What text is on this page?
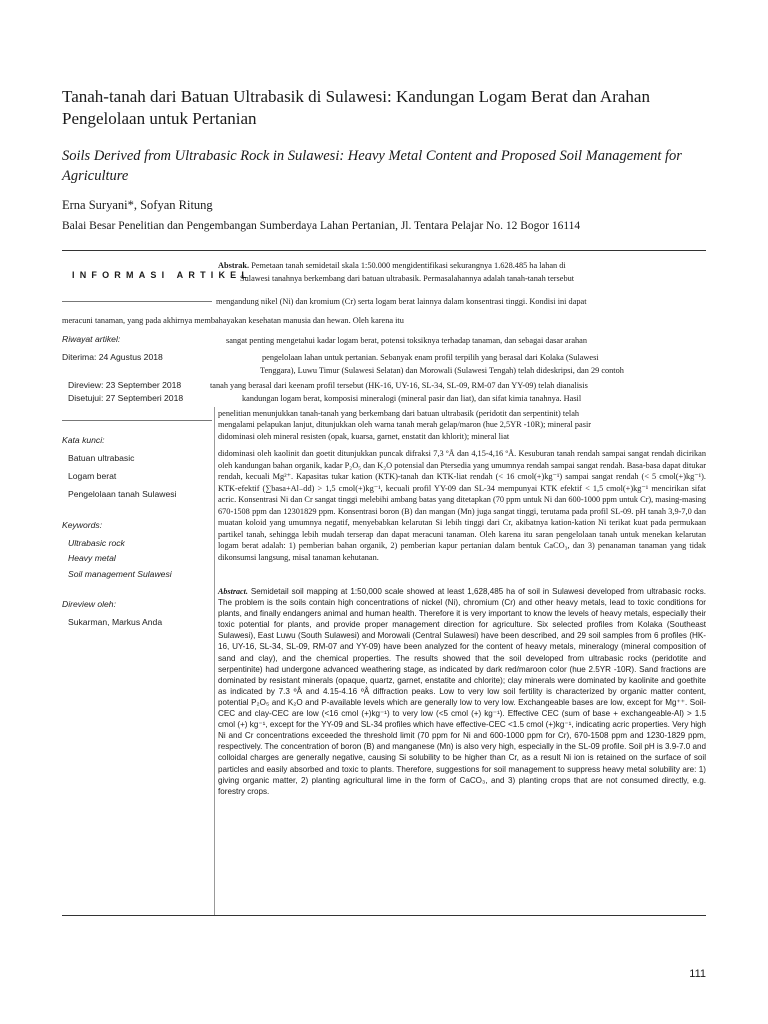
Tanah-tanah dari Batuan Ultrabasik di Sulawesi: Kandungan Logam Berat dan Arahan Pengelolaan untuk Pertanian
Soils Derived from Ultrabasic Rock in Sulawesi: Heavy Metal Content and Proposed Soil Management for Agriculture
Erna Suryani*, Sofyan Ritung
Balai Besar Penelitian dan Pengembangan Sumberdaya Lahan Pertanian, Jl. Tentara Pelajar No. 12 Bogor 16114
INFORMASI ARTIKEL
Riwayat artikel:
Diterima: 24 Agustus 2018
Direview: 23 September 2018
Disetujui: 27 Septemberi 2018
Kata kunci:
Batuan ultrabasic
Logam berat
Pengelolaan tanah Sulawesi
Keywords:
Ultrabasic rock
Heavy metal
Soil management Sulawesi
Direview oleh:
Sukarman, Markus Anda
Abstrak. Pemetaan tanah semidetail skala 1:50.000 mengidentifikasi sekurangnya 1.628.485 ha lahan di
Sulawesi tanahnya berkembang dari batuan ultrabasik. Permasalahannya adalah tanah-tanah tersebut
mengandung nikel (Ni) dan kromium (Cr) serta logam berat lainnya dalam konsentrasi tinggi. Kondisi ini dapat
meracuni tanaman, yang pada akhirnya membahayakan kesehatan manusia dan hewan. Oleh karena itu
sangat penting mengetahui kadar logam berat, potensi toksiknya terhadap tanaman, dan sebagai dasar arahan
pengelolaan lahan untuk pertanian. Sebanyak enam profil terpilih yang berasal dari Kolaka (Sulawesi
Tenggara), Luwu Timur (Sulawesi Selatan) dan Morowali (Sulawesi Tengah) telah dideskripsi, dan 29 contoh
tanah yang berasal dari keenam profil tersebut (HK-16, UY-16, SL-34, SL-09, RM-07 dan YY-09) telah dianalisis
kandungan logam berat, komposisi mineralogi (mineral pasir dan liat), dan sifat kimia tanahnya. Hasil
penelitian menunjukkan tanah-tanah yang berkembang dari batuan ultrabasik (peridotit dan serpentinit) telah
mengalami pelapukan lanjut, ditunjukkan oleh warna tanah merah gelap/maron (hue 2,5YR -10R); mineral pasir
didominasi oleh mineral resisten (opak, kuarsa, garnet, enstatit dan khlorit); mineral liat
didominasi oleh kaolinit dan goetit ditunjukkan puncak difraksi 7,3 ºÅ dan 4,15-4,16 ºÅ. Kesuburan tanah rendah sampai sangat rendah dicirikan oleh kandungan bahan organik, kadar P₂O₅ dan K₂O potensial dan Ptersedia yang umumnya rendah sampai sangat rendah. Basa-basa dapat ditukar rendah, kecuali Mg²⁺. Kapasitas tukar kation (KTK)-tanah dan KTK-liat rendah (< 16 cmol(+)kg⁻¹) sampai sangat rendah (< 5 cmol(+)kg⁻¹). KTK-efektif (∑basa+Al₋dd) > 1,5 cmol(+)kg⁻¹, kecuali profil YY-09 dan SL-34 mempunyai KTK efektif < 1,5 cmol(+)kg⁻¹ mencirikan sifat acric. Konsentrasi Ni dan Cr sangat tinggi melebihi ambang batas yang ditetapkan (70 ppm untuk Ni dan 600-1000 ppm untuk Cr), masing-masing 670-1508 ppm dan 12301829 ppm. Konsentrasi boron (B) dan mangan (Mn) juga sangat tinggi, terutama pada profil SL-09. pH tanah 3,9-7,0 dan muatan koloid yang umumnya negatif, menyebabkan kelarutan Si lebih tinggi dari Cr, akibatnya kation-kation Ni terikat kuat pada permukaan partikel tanah, sehingga lebih mudah terserap dan dapat meracuni tanaman. Oleh karena itu saran pengelolaan tanah untuk menekan kelarutan logam berat adalah: 1) pemberian bahan organik, 2) pemberian kapur pertanian dalam bentuk CaCO₃, dan 3) penanaman tanaman yang tidak dikonsumsi langsung, misal tanaman kehutanan.
Abstract. Semidetail soil mapping at 1:50,000 scale showed at least 1,628,485 ha of soil in Sulawesi developed from ultrabasic rocks. The problem is the soils contain high concentrations of nickel (Ni), chromium (Cr) and other heavy metals, lead to toxic conditions for plants, and finally endangers animal and human health. Therefore it is very important to know the levels of heavy metals, especially their toxic potential for plants, and provide proper management direction for agriculture. Six selected profiles from Kolaka (Southeast Sulawesi), East Luwu (South Sulawesi) and Morowali (Central Sulawesi) have been described, and 29 soil samples from 6 profiles (HK-16, UY-16, SL-34, SL-09, RM-07 and YY-09) have been analyzed for the content of heavy metals, mineralogy (mineral composition of sand and clay), and the chemical properties. The results showed that the soil developed from ultrabasic rocks (peridotite and serpentinite) had undergone advanced weathering stage, as indicated by dark red/maroon color (hue 2.5YR -10R). Sand fractions are dominated by resistant minerals (opaque, quartz, garnet, enstatite and chlorite); clay minerals were dominated by kaolinite and goethite as indicated by 7.3 ºÅ and 4.15-4.16 ºÅ diffraction peaks. Low to very low soil fertility is characterized by organic matter content, potential P₂O₅ and K₂O and P-available levels which are generally low to very low. Exchangeable bases are low, except for Mg⁺⁺. Soil-CEC and clay-CEC are low (<16 cmol (+)kg⁻¹) to very low (<5 cmol (+) kg⁻¹). Effective CEC (sum of base + exchangeable-Al) > 1.5 cmol (+) kg⁻¹, except for the YY-09 and SL-34 profiles which have effective-CEC <1.5 cmol (+)kg⁻¹, indicating acric properties. Very high Ni and Cr concentrations exceeded the threshold limit (70 ppm for Ni and 600-1000 ppm for Cr), 670-1508 ppm and 1230-1829 ppm, respectively. The concentration of boron (B) and manganese (Mn) is also very high, especially in the SL-09 profile. Soil pH is 3.9-7.0 and colloidal charges are generally negative, causing Si solubility to be higher than Cr, as a result Ni ion is retained on the surface of soil particles and easily absorbed and toxic to plants. Therefore, suggestions for soil management to suppress heavy metal solubility are: 1) giving organic matter, 2) planting agricultural lime in the form of CaCO₃, and 3) planting crops that are not consumed directly, e.g. forestry crops.
111
